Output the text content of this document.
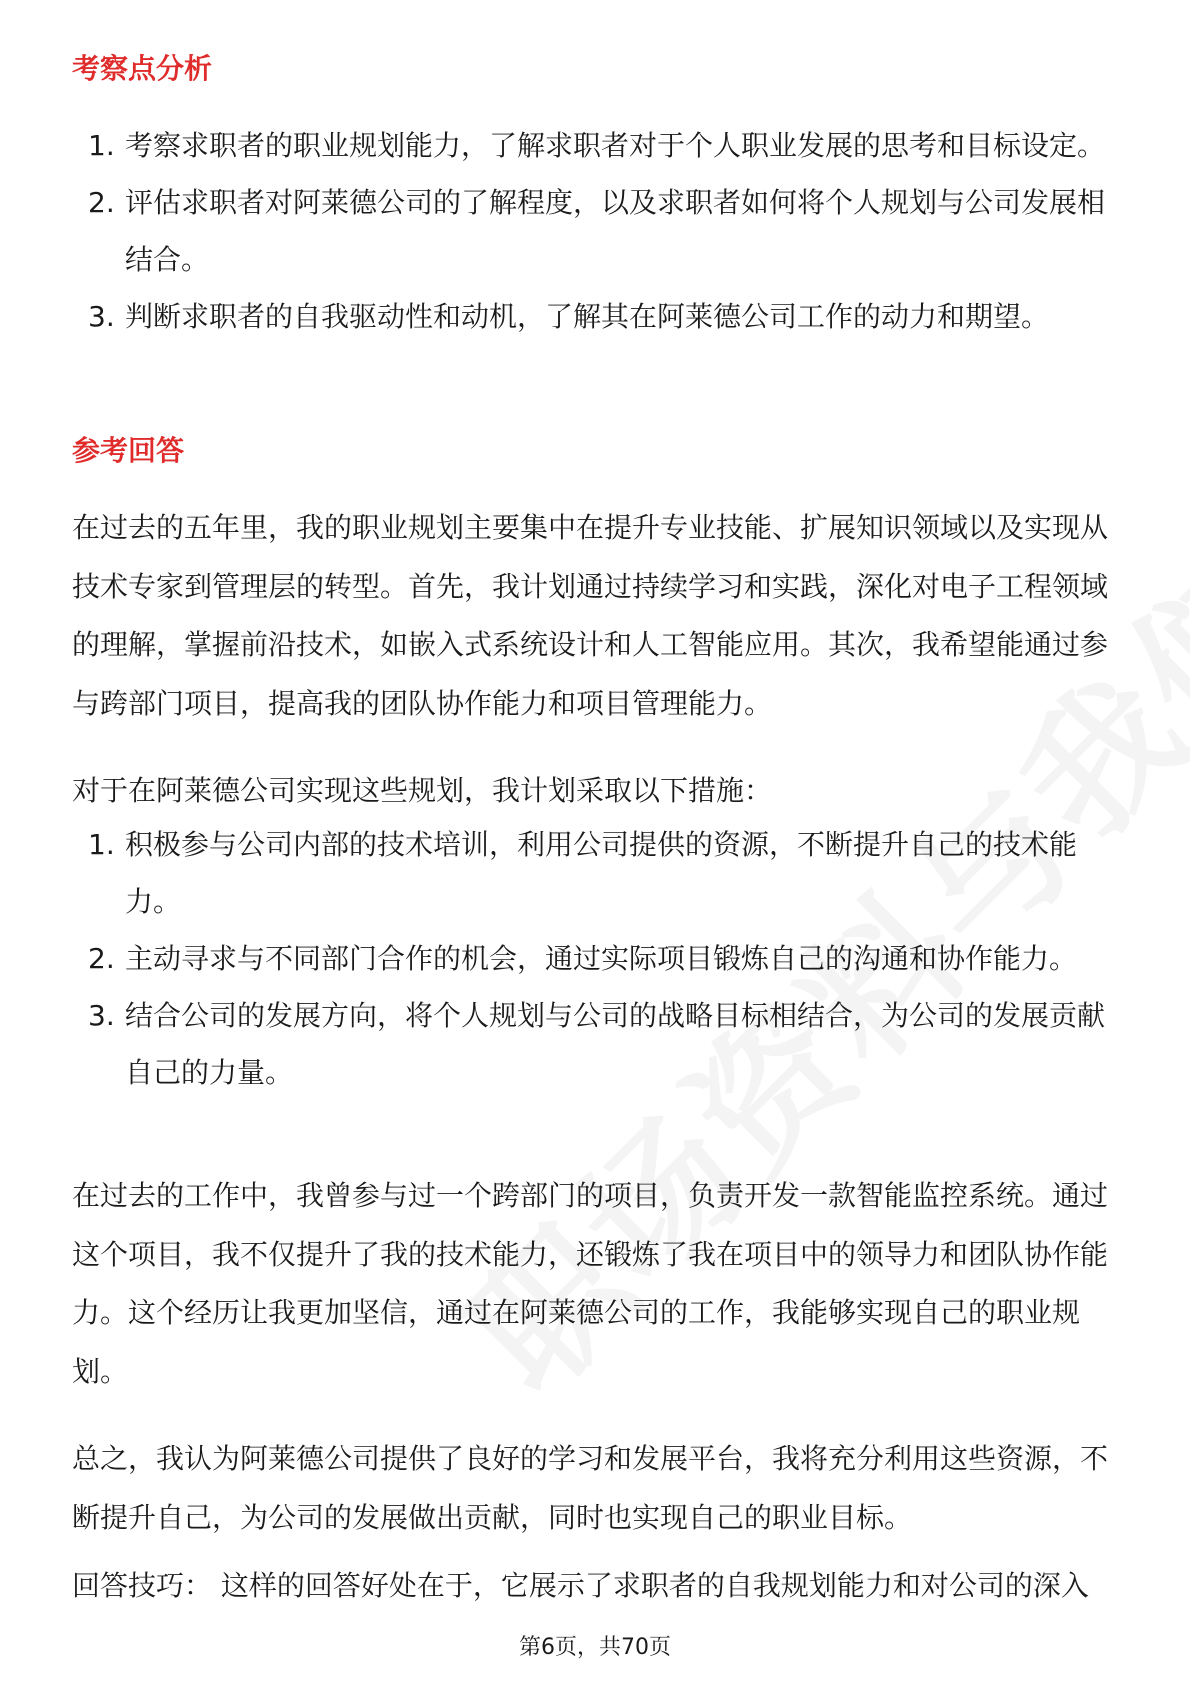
考察点分析
1. 考察求职者的职业规划能力，了解求职者对于个人职业发展的思考和目标设定。
2. 评估求职者对阿莱德公司的了解程度，以及求职者如何将个人规划与公司发展相结合。
3. 判断求职者的自我驱动性和动机，了解其在阿莱德公司工作的动力和期望。
参考回答

在过去的五年里，我的职业规划主要集中在提升专业技能、扩展知识领域以及实现从技术专家到管理层的转型。首先，我计划通过持续学习和实践，深化对电子工程领域的理解，掌握前沿技术，如嵌入式系统设计和人工智能应用。其次，我希望能通过参与跨部门项目，提高我的团队协作能力和项目管理能力。

对于在阿莱德公司实现这些规划，我计划采取以下措施：

1. 积极参与公司内部的技术培训，利用公司提供的资源，不断提升自己的技术能力。
2. 主动寻求与不同部门合作的机会，通过实际项目锻炼自己的沟通和协作能力。
3. 结合公司的发展方向，将个人规划与公司的战略目标相结合，为公司的发展贡献自己的力量。

在过去的工作中，我曾参与过一个跨部门的项目，负责开发一款智能监控系统。通过这个项目，我不仅提升了我的技术能力，还锻炼了我在项目中的领导力和团队协作能力。这个经历让我更加坚信，通过在阿莱德公司的工作，我能够实现自己的职业规划。

总之，我认为阿莱德公司提供了良好的学习和发展平台，我将充分利用这些资源，不断提升自己，为公司的发展做出贡献，同时也实现自己的职业目标。

回答技巧： 这样的回答好处在于，它展示了求职者的自我规划能力和对公司的深入

第6页，共70页
